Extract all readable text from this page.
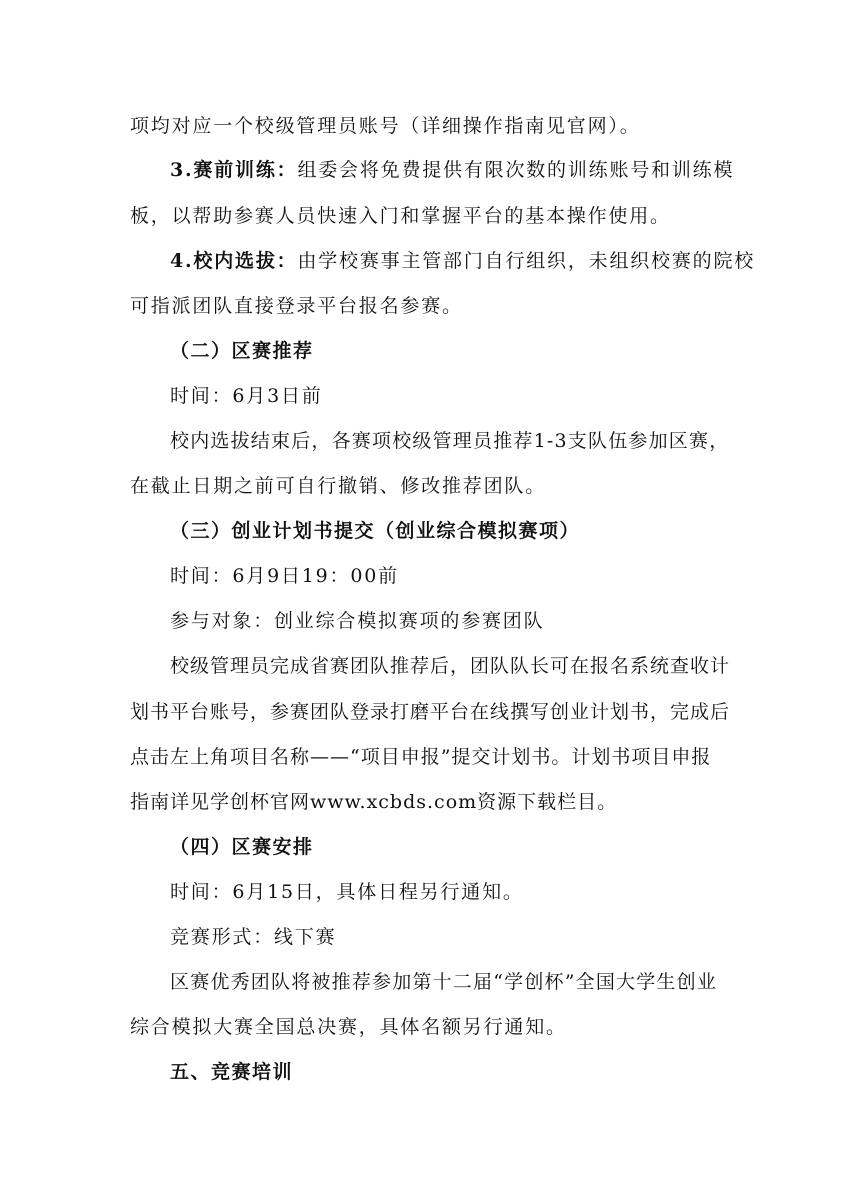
项均对应一个校级管理员账号（详细操作指南见官网）。
3.赛前训练：组委会将免费提供有限次数的训练账号和训练模
板，以帮助参赛人员快速入门和掌握平台的基本操作使用。
4.校内选拔：由学校赛事主管部门自行组织，未组织校赛的院校
可指派团队直接登录平台报名参赛。
（二）区赛推荐
时间：6月3日前
校内选拔结束后，各赛项校级管理员推荐1-3支队伍参加区赛，
在截止日期之前可自行撤销、修改推荐团队。
（三）创业计划书提交（创业综合模拟赛项）
时间：6月9日19：00前
参与对象：创业综合模拟赛项的参赛团队
校级管理员完成省赛团队推荐后，团队队长可在报名系统查收计
划书平台账号，参赛团队登录打磨平台在线撰写创业计划书，完成后
点击左上角项目名称——“项目申报”提交计划书。计划书项目申报
指南详见学创杯官网www.xcbds.com资源下载栏目。
（四）区赛安排
时间：6月15日，具体日程另行通知。
竞赛形式：线下赛
区赛优秀团队将被推荐参加第十二届“学创杯”全国大学生创业
综合模拟大赛全国总决赛，具体名额另行通知。
五、竞赛培训
